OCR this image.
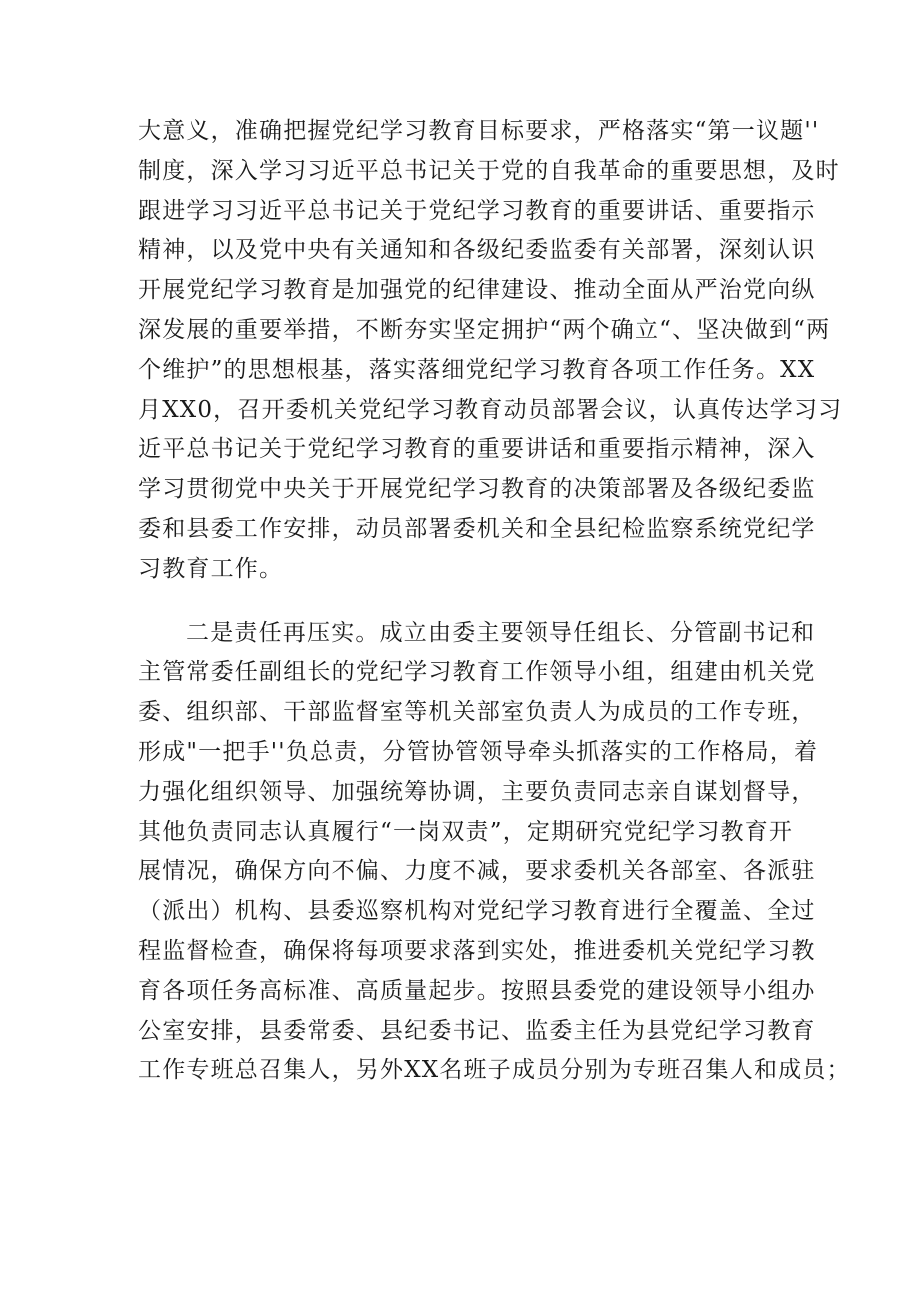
大意义，准确把握党纪学习教育目标要求，严格落实“第一议题''
制度，深入学习习近平总书记关于党的自我革命的重要思想，及时
跟进学习习近平总书记关于党纪学习教育的重要讲话、重要指示
精神，以及党中央有关通知和各级纪委监委有关部署，深刻认识
开展党纪学习教育是加强党的纪律建设、推动全面从严治党向纵
深发展的重要举措，不断夯实坚定拥护“两个确立“、坚决做到“两
个维护”的思想根基，落实落细党纪学习教育各项工作任务。XX
月XX0，召开委机关党纪学习教育动员部署会议，认真传达学习习
近平总书记关于党纪学习教育的重要讲话和重要指示精神，深入
学习贯彻党中央关于开展党纪学习教育的决策部署及各级纪委监
委和县委工作安排，动员部署委机关和全县纪检监察系统党纪学
习教育工作。
二是责任再压实。成立由委主要领导任组长、分管副书记和
主管常委任副组长的党纪学习教育工作领导小组，组建由机关党
委、组织部、干部监督室等机关部室负责人为成员的工作专班，
形成"一把手''负总责，分管协管领导牵头抓落实的工作格局，着
力强化组织领导、加强统筹协调，主要负责同志亲自谋划督导，
其他负责同志认真履行“一岗双责”，定期研究党纪学习教育开
展情况，确保方向不偏、力度不减，要求委机关各部室、各派驻
（派出）机构、县委巡察机构对党纪学习教育进行全覆盖、全过
程监督检查，确保将每项要求落到实处，推进委机关党纪学习教
育各项任务高标准、高质量起步。按照县委党的建设领导小组办
公室安排，县委常委、县纪委书记、监委主任为县党纪学习教育
工作专班总召集人，另外XX名班子成员分别为专班召集人和成员；
